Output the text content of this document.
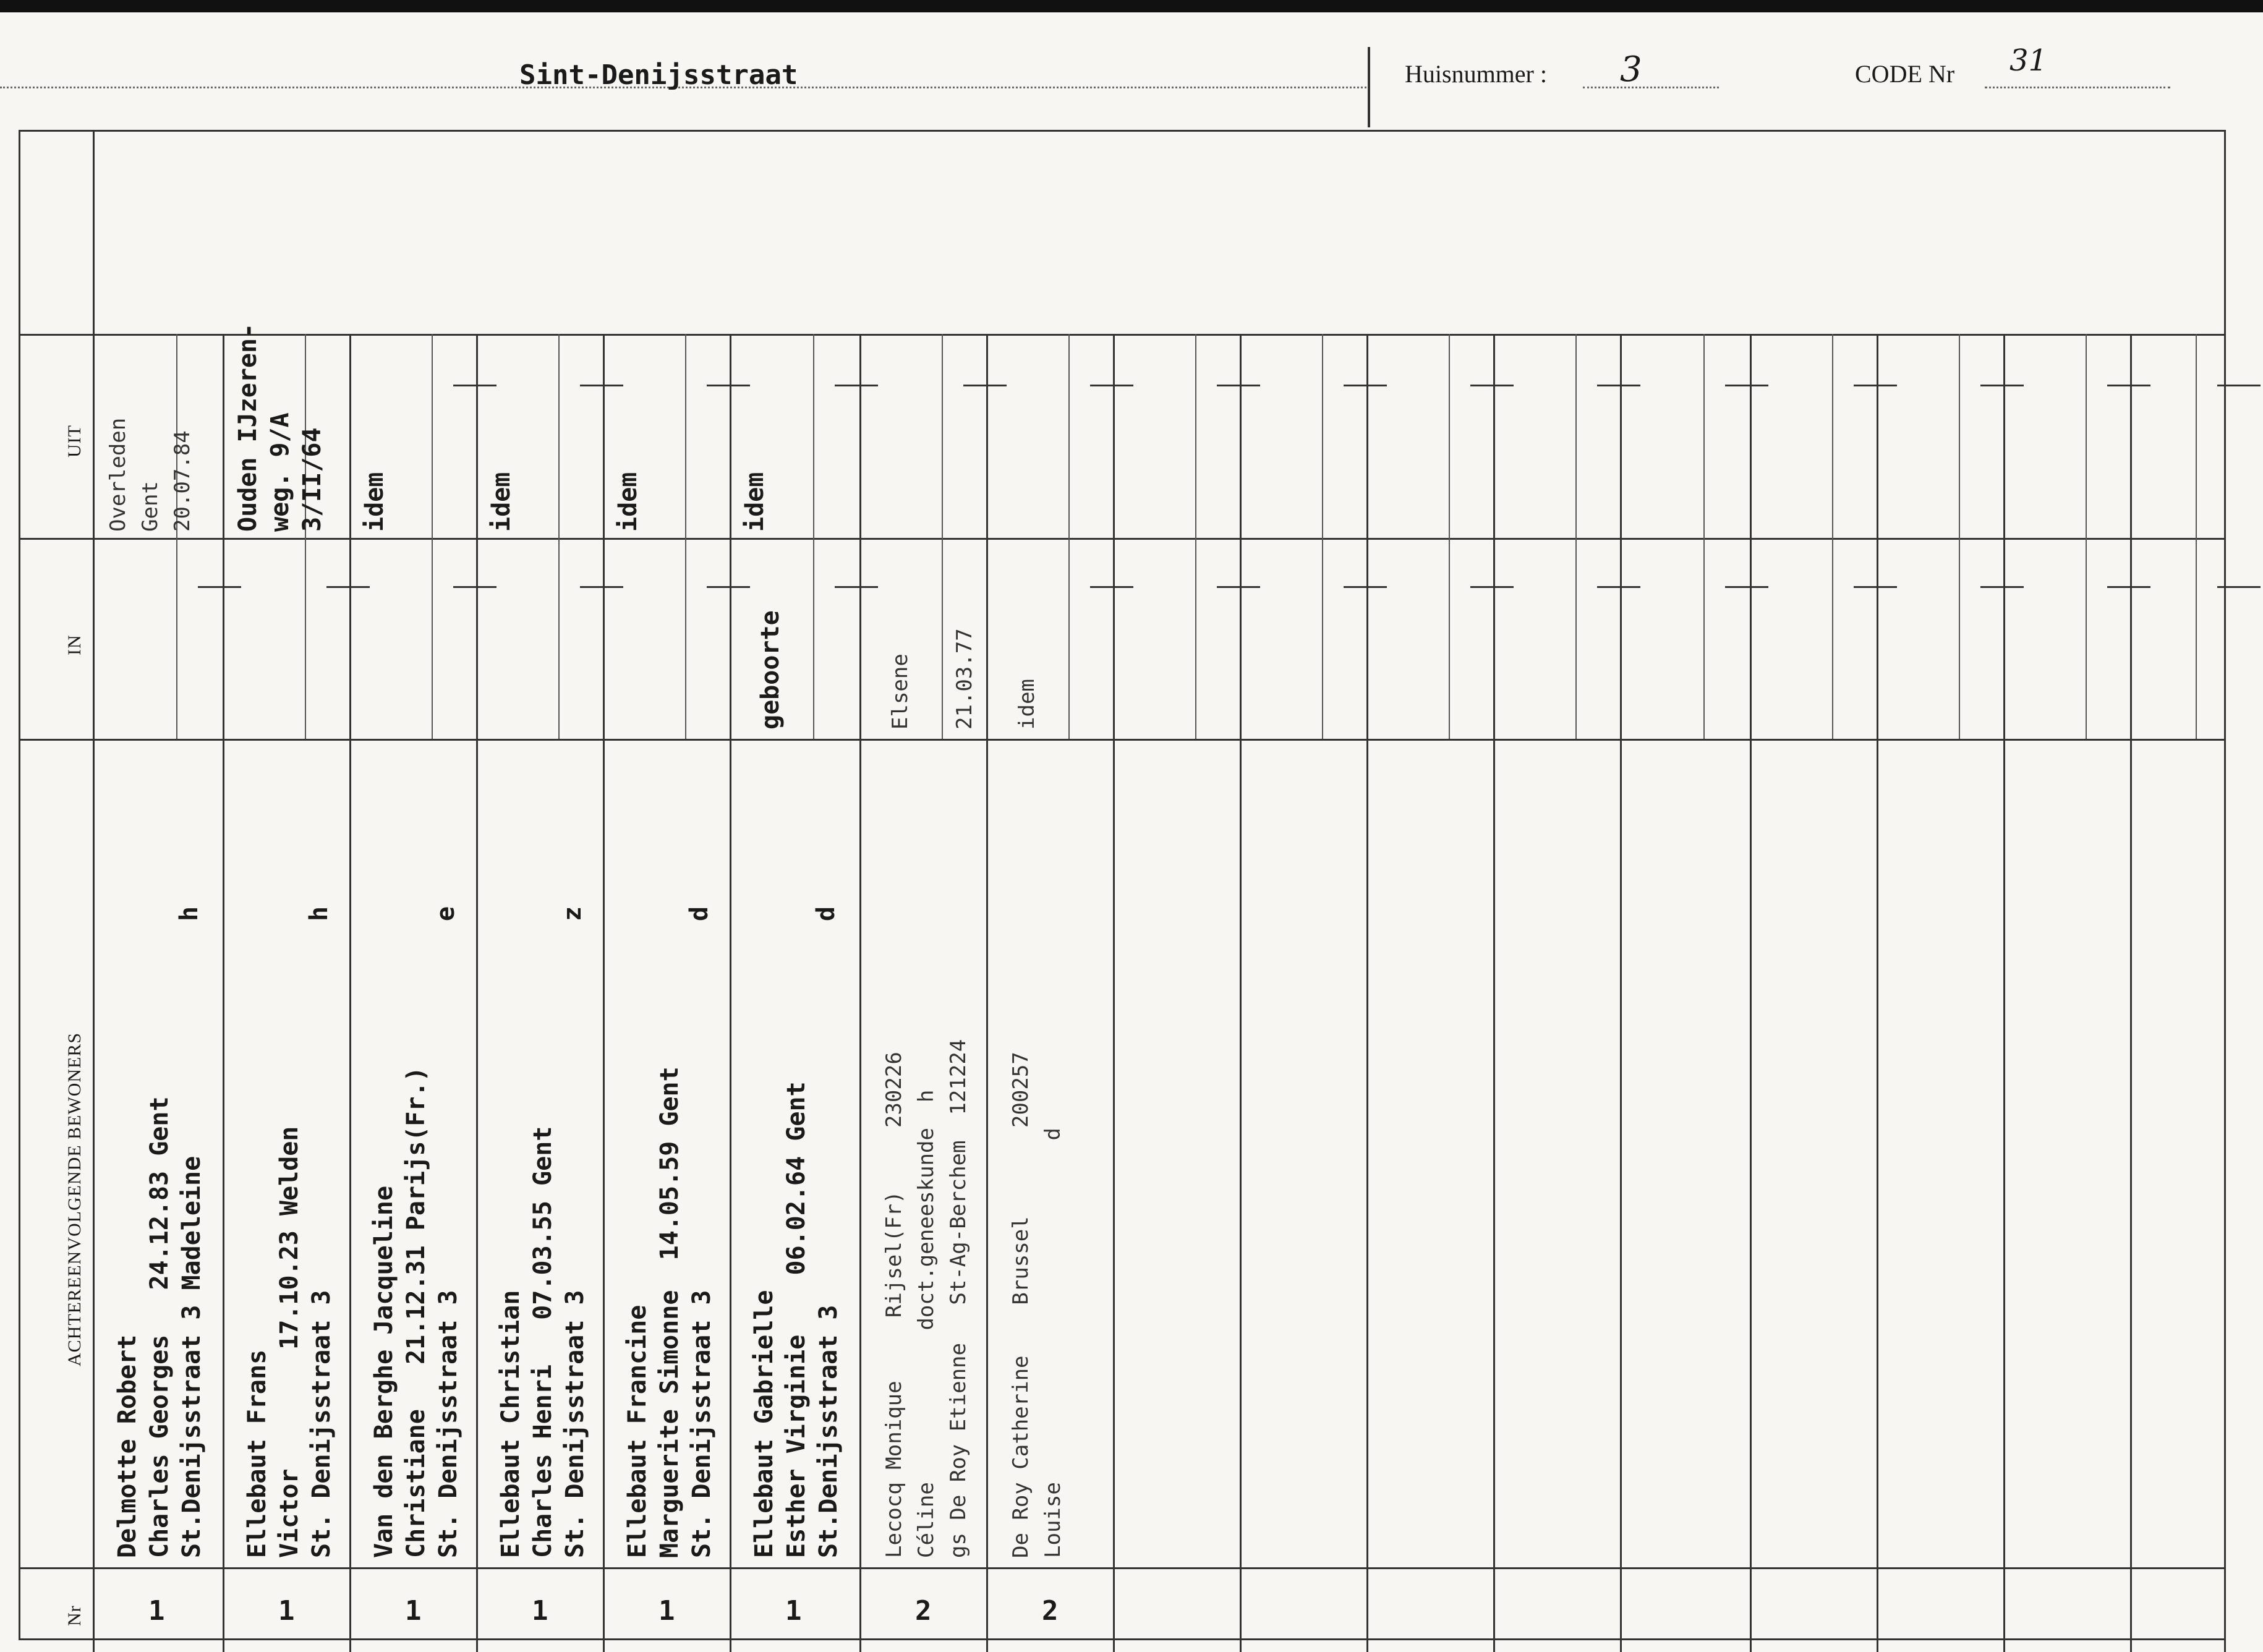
Sint-Denijsstraat	Huisnummer : 3	CODE Nr 31
Nr
ACHTEREENVOLGENDE BEWONERS
IN
UIT
Delmotte Robert Charles Georges   24.12.83 Gent St.Denijsstraat 3 Madeleine
h
1
Overleden Gent 20.07.84
Ellebaut Frans Victor        17.10.23 Welden St. Denijsstraat 3
h
1
Ouden IJzeren- weg. 9/A 3/II/64
Van den Berghe Jacqueline Christiane   21.12.31 Parijs(Fr.) St. Denijsstraat 3
e
1
idem
Ellebaut Christian Charles Henri   07.03.55 Gent St. Denijsstraat 3
z
1
idem
Ellebaut Francine Marguerite Simonne  14.05.59 Gent St. Denijsstraat 3
d
1
idem
Ellebaut Gabrielle Esther Virginie    06.02.64 Gent St.Denijsstraat 3
d
1
geboorte
idem
Lecocq Monique     Rijsel(Fr)     230226 Céline            doct.geneeskunde  h gs De Roy Etienne   St-Ag-Berchem  121224
2
Elsene
21.03.77
De Roy Catherine    Brussel       200257 Louise                           d
2
idem
